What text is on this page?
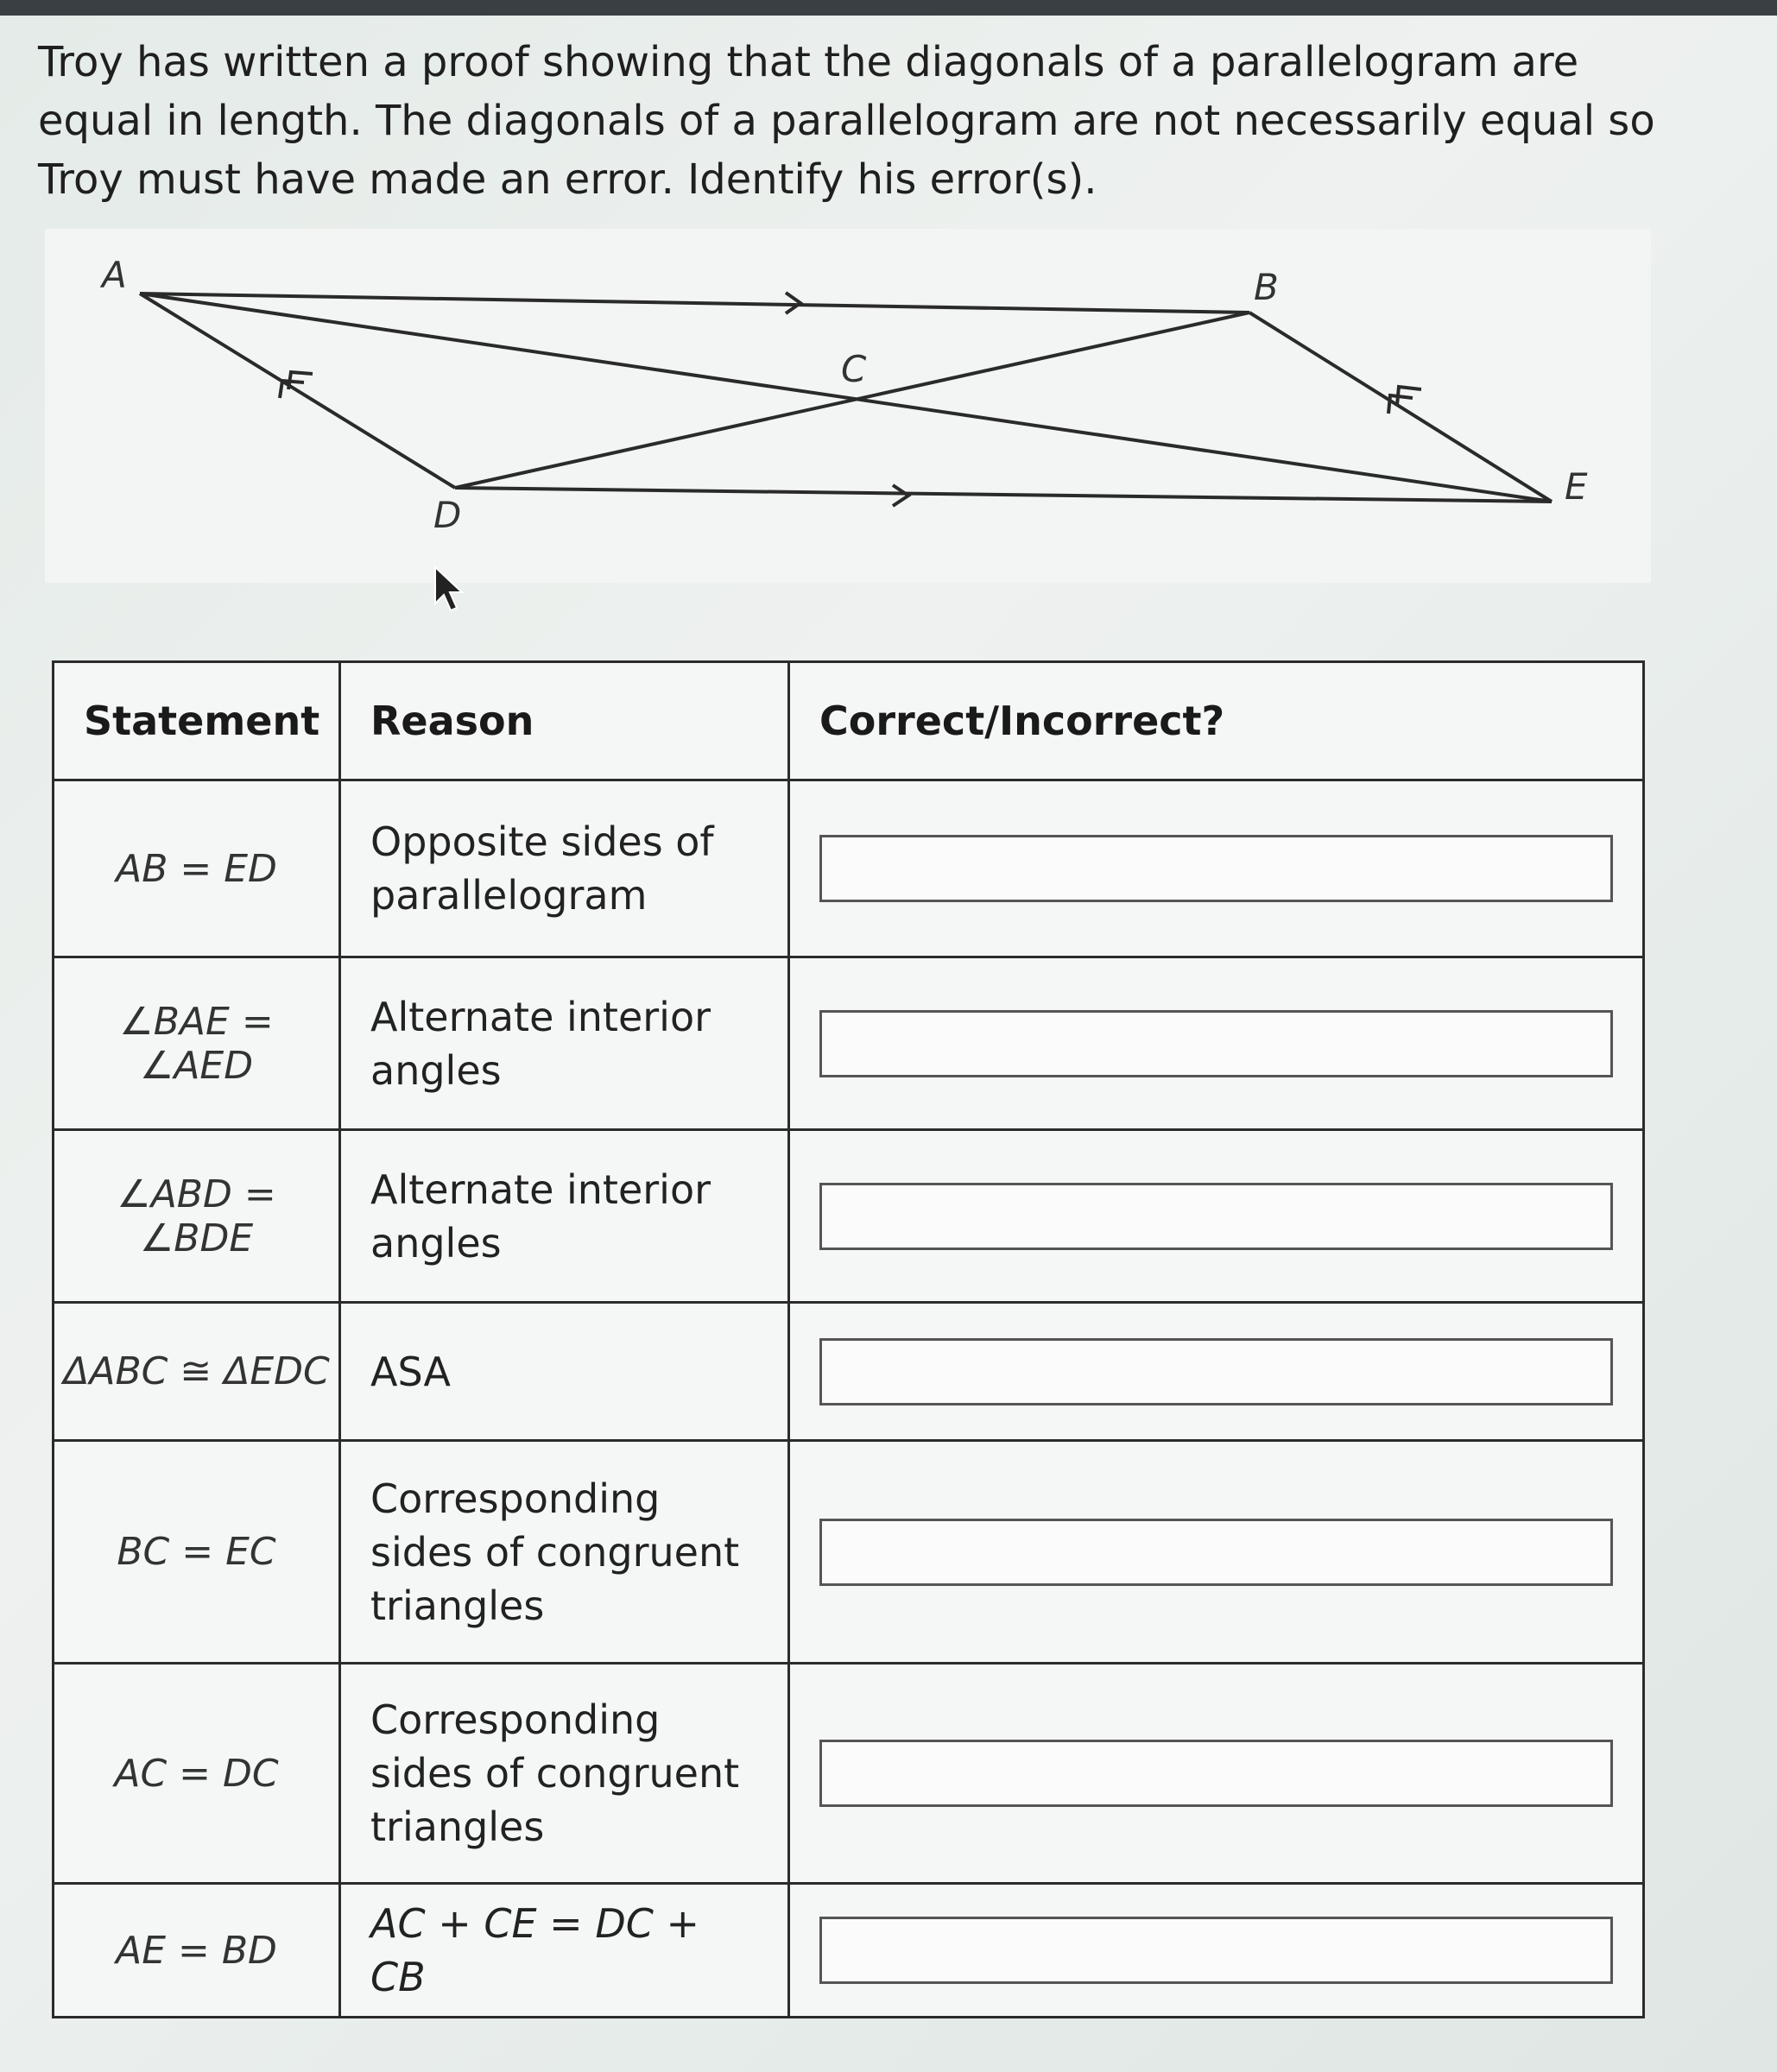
Troy has written a proof showing that the diagonals of a parallelogram are equal in length. The diagonals of a parallelogram are not necessarily equal so Troy must have made an error. Identify his error(s).

A	B
C
D
E
Statement	Reason	Correct/Incorrect?
AB = ED	Opposite sides of parallelogram	

∠BAE = ∠AED	Alternate interior angles	

∠ABD = ∠BDE	Alternate interior angles	

ΔABC ≅ ΔEDC	ASA	

BC = EC	Corresponding sides of congruent triangles	

AC = DC	Corresponding sides of congruent triangles	

AE = BD	AC + CE = DC + CB	
